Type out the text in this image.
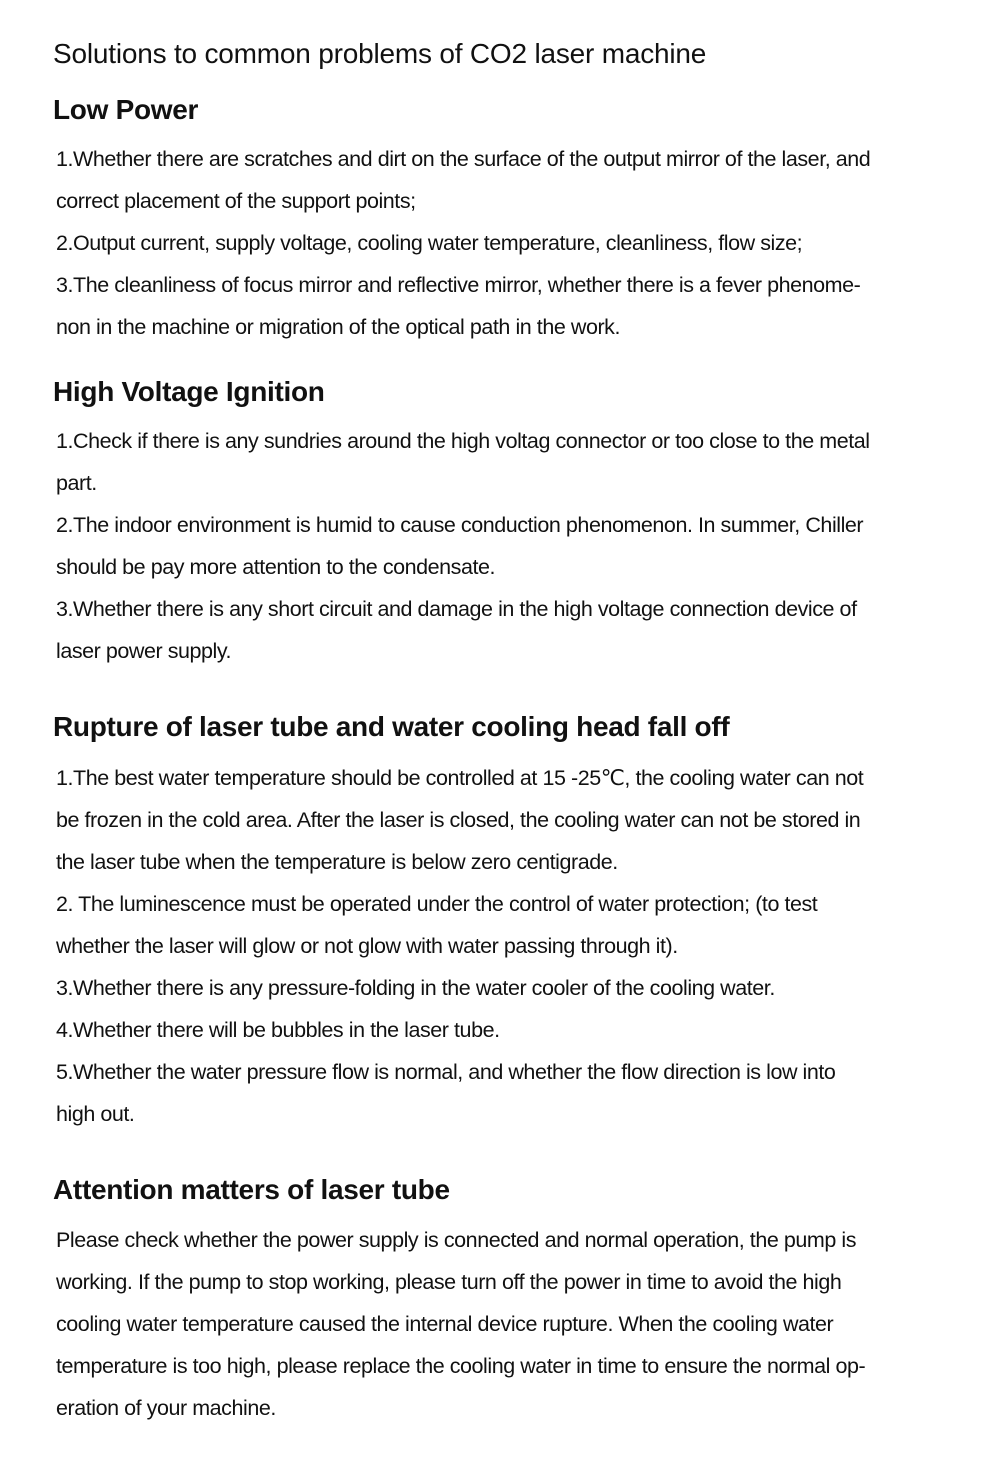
Solutions to common problems of CO2 laser machine
Low Power
1.Whether there are scratches and dirt on the surface of the output mirror of the laser, and
correct placement of the support points;
2.Output current, supply voltage, cooling water temperature, cleanliness, flow size;
3.The cleanliness of focus mirror and reflective mirror, whether there is a fever phenome-
non in the machine or migration of the optical path in the work.
High Voltage Ignition
1.Check if there is any sundries around the high voltag connector or too close to the metal
part.
2.The indoor environment is humid to cause conduction phenomenon. In summer, Chiller
should be pay more attention to the condensate.
3.Whether there is any short circuit and damage in the high voltage connection device of
laser power supply.
Rupture of laser tube and water cooling head fall off
1.The best water temperature should be controlled at 15 -25℃, the cooling water can not
be frozen in the cold area. After the laser is closed, the cooling water can not be stored in
the laser tube when the temperature is below zero centigrade.
2. The luminescence must be operated under the control of water protection; (to test
whether the laser will glow or not glow with water passing through it).
3.Whether there is any pressure-folding in the water cooler of the cooling water.
4.Whether there will be bubbles in the laser tube.
5.Whether the water pressure flow is normal, and whether the flow direction is low into
high out.
Attention matters of laser tube
Please check whether the power supply is connected and normal operation, the pump is
working. If the pump to stop working, please turn off the power in time to avoid the high
cooling water temperature caused the internal device rupture. When the cooling water
temperature is too high, please replace the cooling water in time to ensure the normal op-
eration of your machine.
